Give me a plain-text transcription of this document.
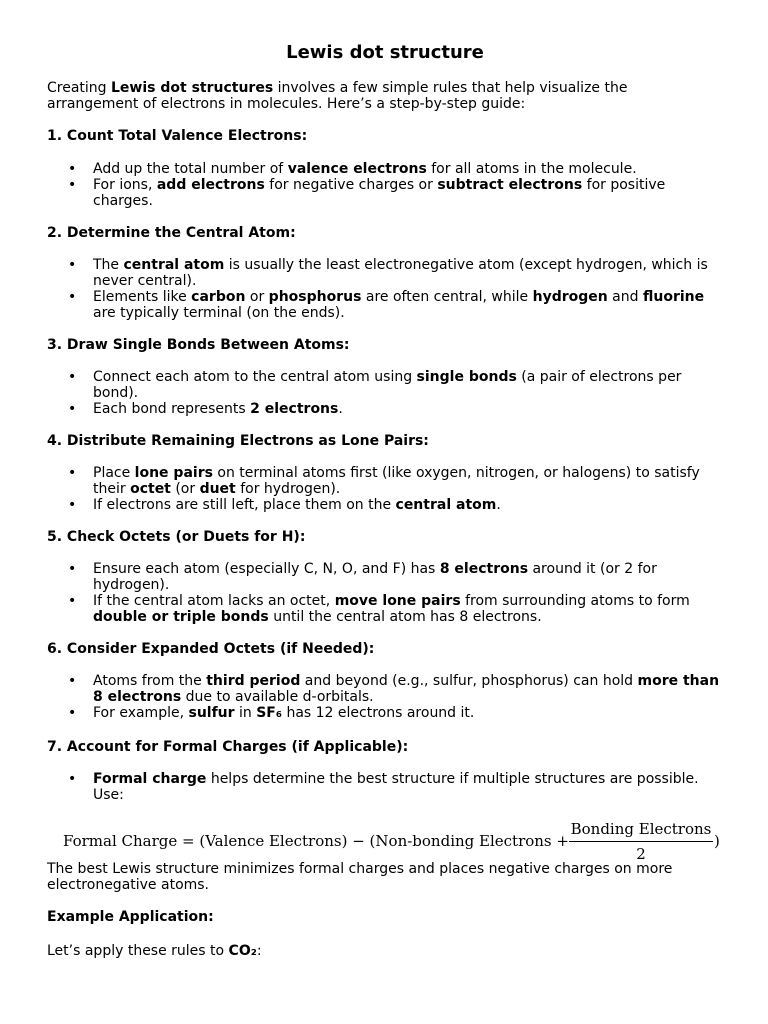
Lewis dot structure

Creating Lewis dot structures involves a few simple rules that help visualize the arrangement of electrons in molecules. Here’s a step-by-step guide:

1. Count Total Valence Electrons:

• Add up the total number of valence electrons for all atoms in the molecule.
• For ions, add electrons for negative charges or subtract electrons for positive charges.

2. Determine the Central Atom:

• The central atom is usually the least electronegative atom (except hydrogen, which is never central).
• Elements like carbon or phosphorus are often central, while hydrogen and fluorine are typically terminal (on the ends).

3. Draw Single Bonds Between Atoms:

• Connect each atom to the central atom using single bonds (a pair of electrons per bond).
• Each bond represents 2 electrons.

4. Distribute Remaining Electrons as Lone Pairs:

• Place lone pairs on terminal atoms first (like oxygen, nitrogen, or halogens) to satisfy their octet (or duet for hydrogen).
• If electrons are still left, place them on the central atom.

5. Check Octets (or Duets for H):

• Ensure each atom (especially C, N, O, and F) has 8 electrons around it (or 2 for hydrogen).
• If the central atom lacks an octet, move lone pairs from surrounding atoms to form double or triple bonds until the central atom has 8 electrons.

6. Consider Expanded Octets (if Needed):

• Atoms from the third period and beyond (e.g., sulfur, phosphorus) can hold more than 8 electrons due to available d-orbitals.
• For example, sulfur in SF₆ has 12 electrons around it.

7. Account for Formal Charges (if Applicable):

• Formal charge helps determine the best structure if multiple structures are possible. Use:
Formal Charge = (Valence Electrons) − (Non-bonding Electrons +
Bonding Electrons
2
)

The best Lewis structure minimizes formal charges and places negative charges on more electronegative atoms.

Example Application:

Let’s apply these rules to CO₂:
